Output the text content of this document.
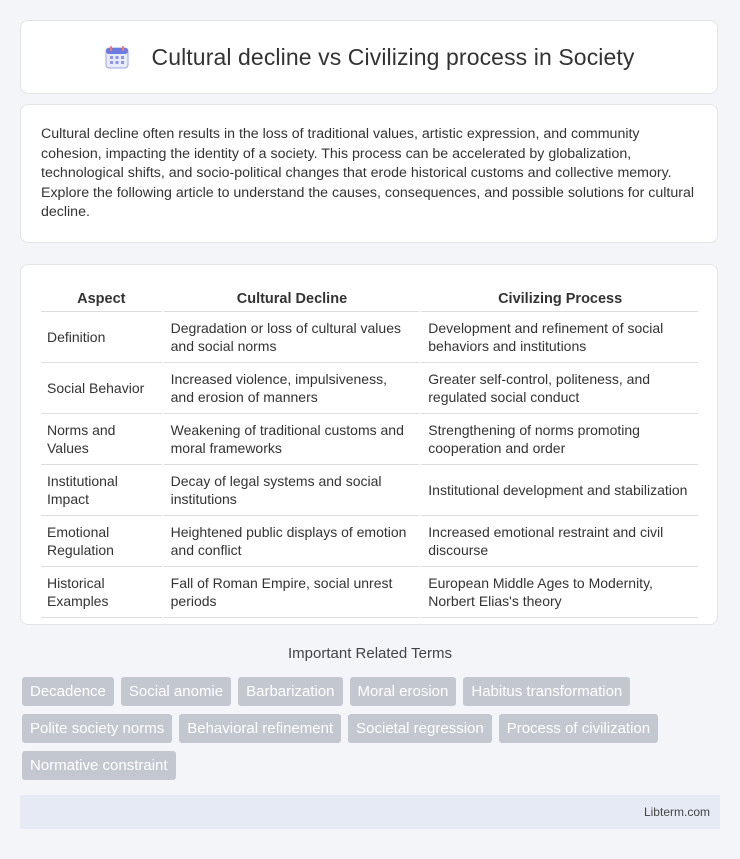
Cultural decline vs Civilizing process in Society

Cultural decline often results in the loss of traditional values, artistic expression, and community cohesion, impacting the identity of a society. This process can be accelerated by globalization, technological shifts, and socio-political changes that erode historical customs and collective memory. Explore the following article to understand the causes, consequences, and possible solutions for cultural decline.

Aspect	Cultural Decline	Civilizing Process
Definition	Degradation or loss of cultural values and social norms	Development and refinement of social behaviors and institutions
Social Behavior	Increased violence, impulsiveness, and erosion of manners	Greater self-control, politeness, and regulated social conduct
Norms and Values	Weakening of traditional customs and moral frameworks	Strengthening of norms promoting cooperation and order
Institutional Impact	Decay of legal systems and social institutions	Institutional development and stabilization
Emotional Regulation	Heightened public displays of emotion and conflict	Increased emotional restraint and civil discourse
Historical Examples	Fall of Roman Empire, social unrest periods	European Middle Ages to Modernity, Norbert Elias's theory
Important Related Terms
Decadence	Social anomie	Barbarization	Moral erosion	Habitus transformation
Polite society norms	Behavioral refinement	Societal regression	Process of civilization
Normative constraint
Libterm.com
